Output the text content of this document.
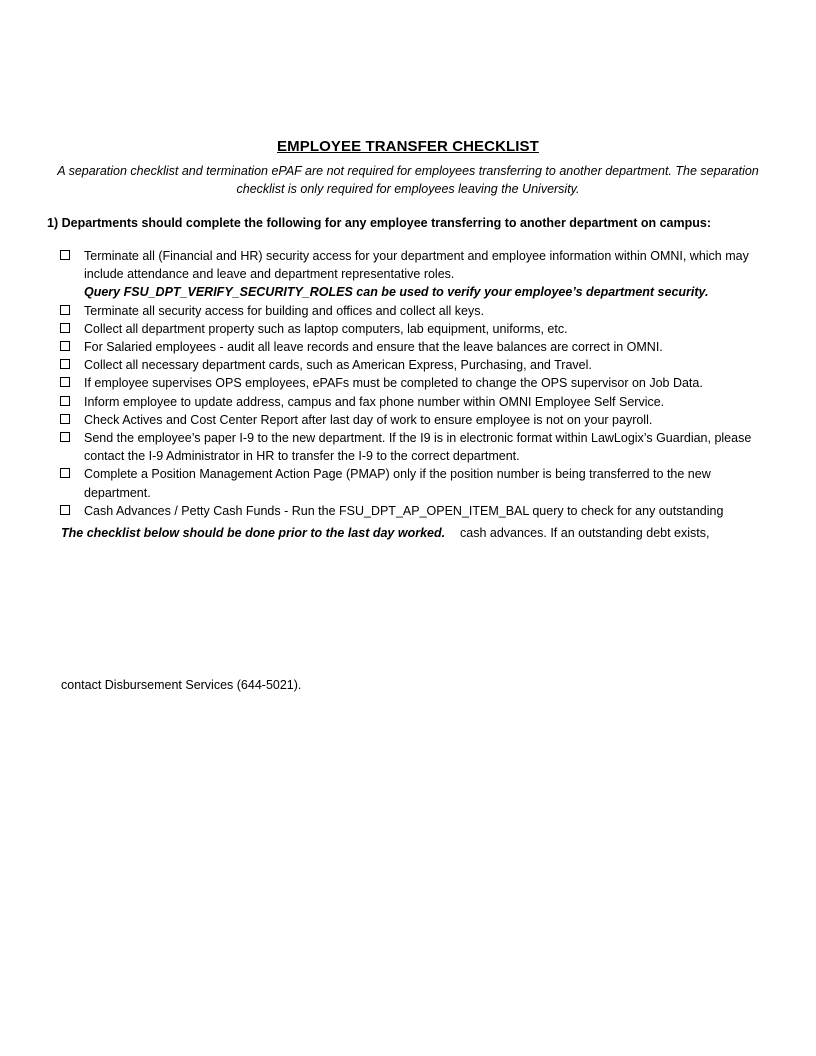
EMPLOYEE TRANSFER CHECKLIST
A separation checklist and termination ePAF are not required for employees transferring to another department. The separation checklist is only required for employees leaving the University.
1) Departments should complete the following for any employee transferring to another department on campus:
Terminate all (Financial and HR) security access for your department and employee information within OMNI, which may include attendance and leave and department representative roles.
Query FSU_DPT_VERIFY_SECURITY_ROLES can be used to verify your employee’s department security.
Terminate all security access for building and offices and collect all keys.
Collect all department property such as laptop computers, lab equipment, uniforms, etc.
For Salaried employees - audit all leave records and ensure that the leave balances are correct in OMNI.
Collect all necessary department cards, such as American Express, Purchasing, and Travel.
If employee supervises OPS employees, ePAFs must be completed to change the OPS supervisor on Job Data.
Inform employee to update address, campus and fax phone number within OMNI Employee Self Service.
Check Actives and Cost Center Report after last day of work to ensure employee is not on your payroll.
Send the employee’s paper I-9 to the new department. If the I9 is in electronic format within LawLogix’s Guardian, please contact the I-9 Administrator in HR to transfer the I-9 to the correct department.
Complete a Position Management Action Page (PMAP) only if the position number is being transferred to the new department.
Cash Advances / Petty Cash Funds - Run the FSU_DPT_AP_OPEN_ITEM_BAL query to check for any outstanding
The checklist below should be done prior to the last day worked. cash advances. If an outstanding debt exists,
contact Disbursement Services (644-5021).
